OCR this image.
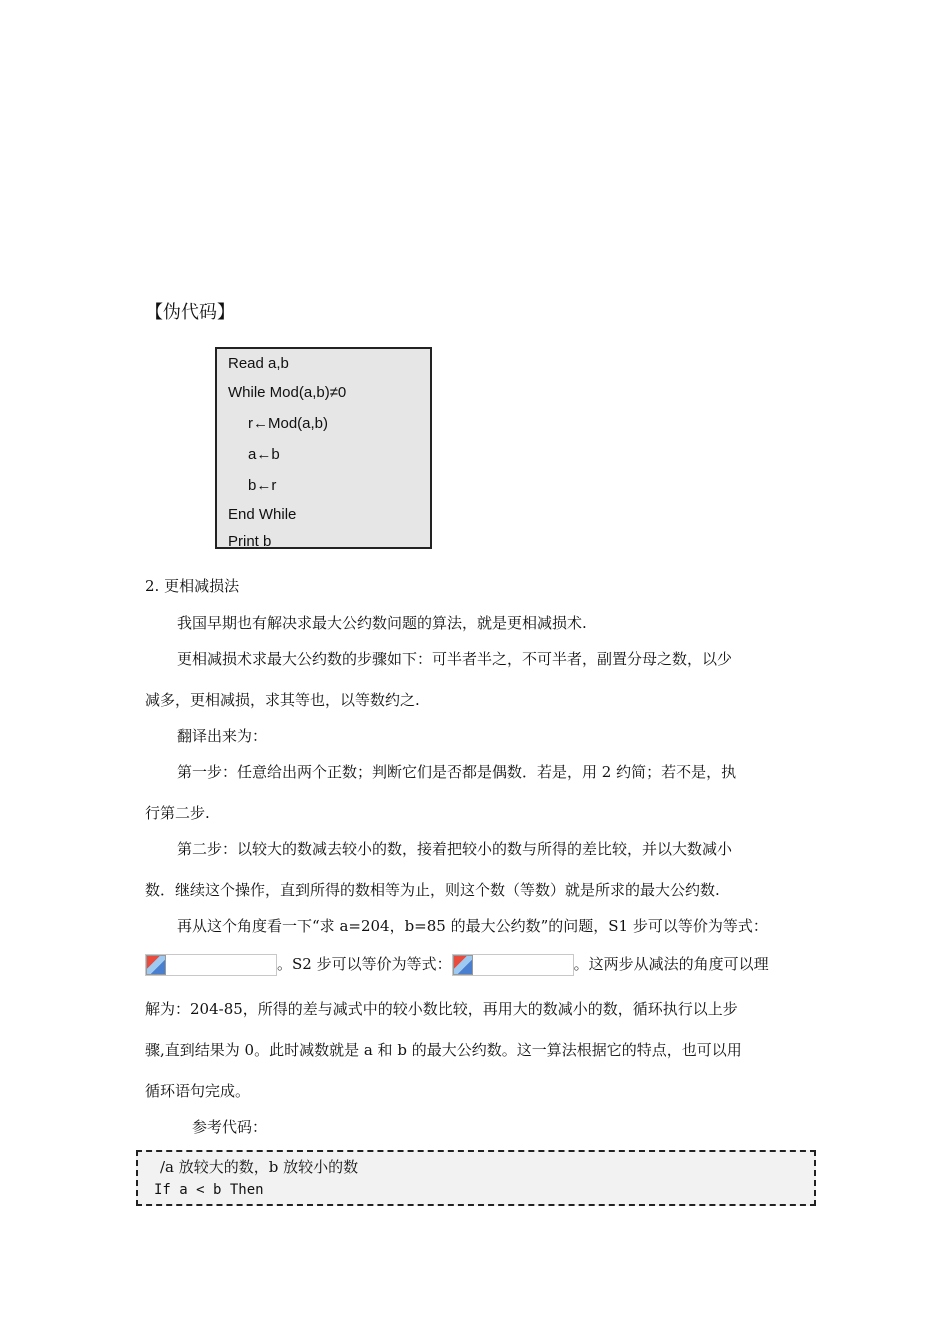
【伪代码】
Read a,b
While Mod(a,b)≠0
r←Mod(a,b)
a←b
b←r
End While
Print b
2. 更相减损法
我国早期也有解决求最大公约数问题的算法，就是更相减损术.
更相减损术求最大公约数的步骤如下：可半者半之，不可半者，副置分母之数，以少
减多，更相减损，求其等也，以等数约之.
翻译出来为：
第一步：任意给出两个正数；判断它们是否都是偶数．若是，用 2 约简；若不是，执
行第二步.
第二步：以较大的数减去较小的数，接着把较小的数与所得的差比较，并以大数减小
数．继续这个操作，直到所得的数相等为止，则这个数（等数）就是所求的最大公约数.
再从这个角度看一下“求 a=204，b=85 的最大公约数”的问题，S1 步可以等价为等式：
。S2 步可以等价为等式：	。这两步从减法的角度可以理
解为：204-85，所得的差与减式中的较小数比较，再用大的数减小的数，循环执行以上步
骤,直到结果为 0。此时减数就是 a 和 b 的最大公约数。这一算法根据它的特点，也可以用
循环语句完成。
参考代码：
/a 放较大的数，b 放较小的数
If a < b Then
